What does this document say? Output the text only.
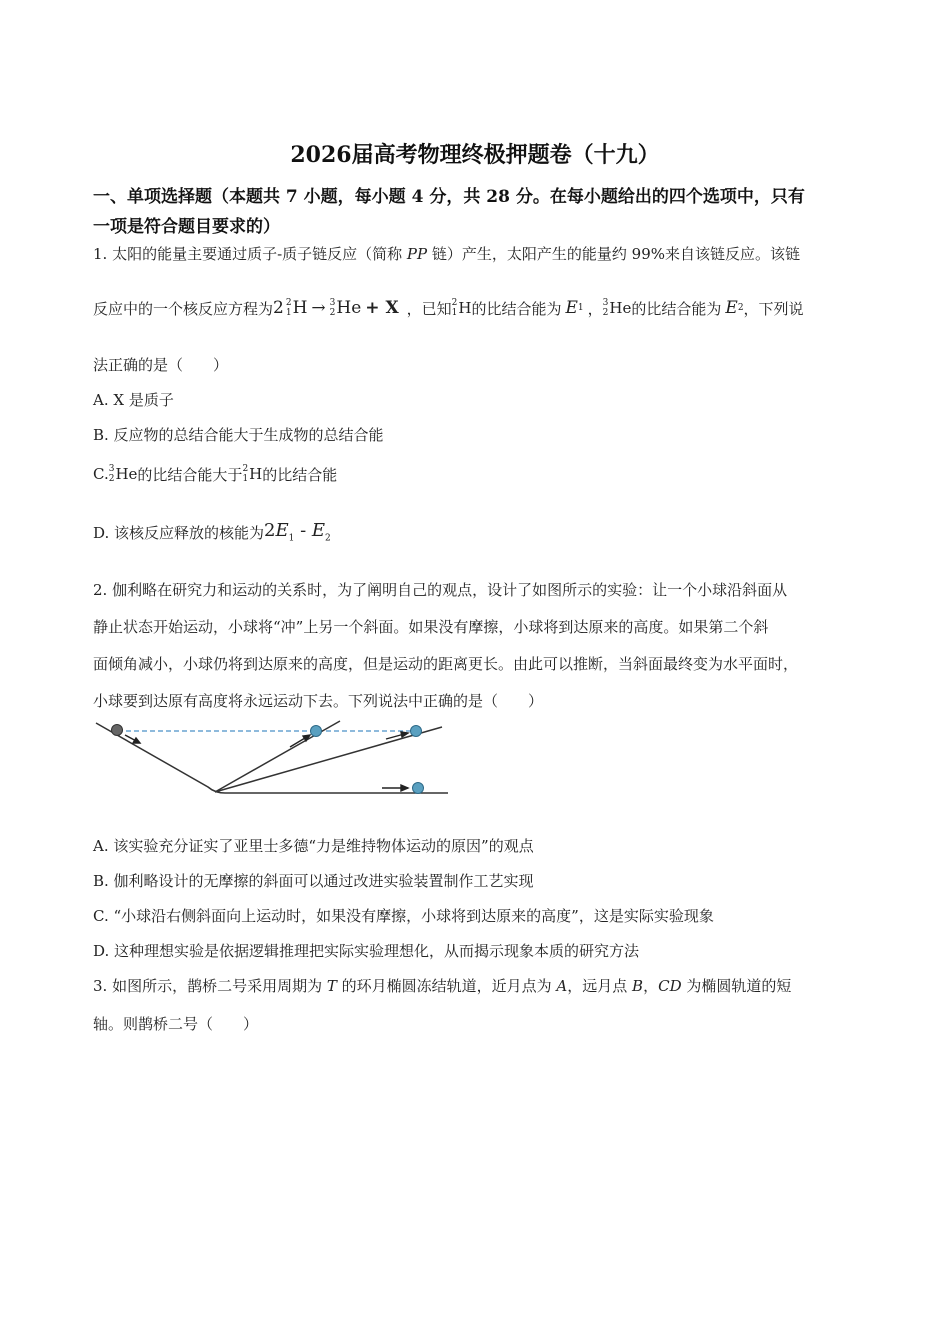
2026届高考物理终极押题卷（十九）
一、单项选择题（本题共 7 小题，每小题 4 分，共 28 分。在每小题给出的四个选项中，只有
一项是符合题目要求的）
1. 太阳的能量主要通过质子-质子链反应（简称 PP 链）产生，太阳产生的能量约 99%来自该链反应。该链
反应中的一个核反应方程为 2 2
1 H → 3
2 He + X ，已知 2
1 H 的比结合能为 E 1 ， 3
2 He 的比结合能为 E 2 ，下列说
法正确的是（　　）
A. X 是质子
B. 反应物的总结合能大于生成物的总结合能
C. 3
2 He 的比结合能大于 2
1 H 的比结合能
D. 该核反应释放的核能为 $2E_1 - E_2$
2. 伽利略在研究力和运动的关系时，为了阐明自己的观点，设计了如图所示的实验：让一个小球沿斜面从
静止状态开始运动，小球将“冲”上另一个斜面。如果没有摩擦，小球将到达原来的高度。如果第二个斜
面倾角减小，小球仍将到达原来的高度，但是运动的距离更长。由此可以推断，当斜面最终变为水平面时，
小球要到达原有高度将永远运动下去。下列说法中正确的是（　　）
A. 该实验充分证实了亚里士多德“力是维持物体运动的原因”的观点
B. 伽利略设计的无摩擦的斜面可以通过改进实验装置制作工艺实现
C. “小球沿右侧斜面向上运动时，如果没有摩擦，小球将到达原来的高度”，这是实际实验现象
D. 这种理想实验是依据逻辑推理把实际实验理想化，从而揭示现象本质的研究方法
3. 如图所示，鹊桥二号采用周期为 T 的环月椭圆冻结轨道，近月点为 A，远月点 B，CD 为椭圆轨道的短
轴。则鹊桥二号（　　）
